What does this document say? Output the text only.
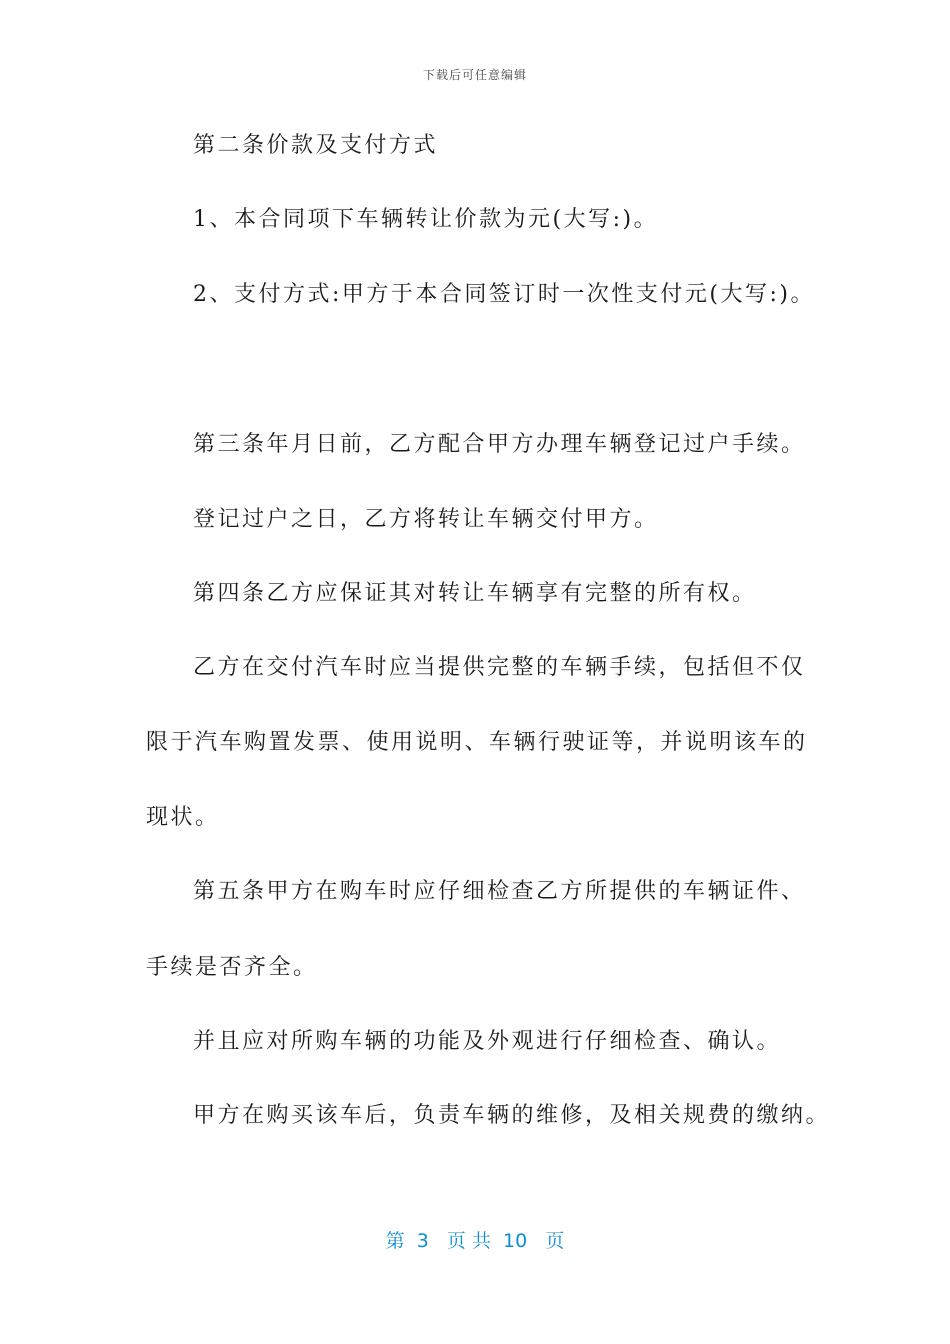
下载后可任意编辑
第二条价款及支付方式
1、本合同项下车辆转让价款为元(大写:)。
2、支付方式:甲方于本合同签订时一次性支付元(大写:)。
第三条年月日前，乙方配合甲方办理车辆登记过户手续。
登记过户之日，乙方将转让车辆交付甲方。
第四条乙方应保证其对转让车辆享有完整的所有权。
乙方在交付汽车时应当提供完整的车辆手续，包括但不仅
限于汽车购置发票、使用说明、车辆行驶证等，并说明该车的
现状。
第五条甲方在购车时应仔细检查乙方所提供的车辆证件、
手续是否齐全。
并且应对所购车辆的功能及外观进行仔细检查、确认。
甲方在购买该车后，负责车辆的维修，及相关规费的缴纳。
第  3   页 共  10   页
